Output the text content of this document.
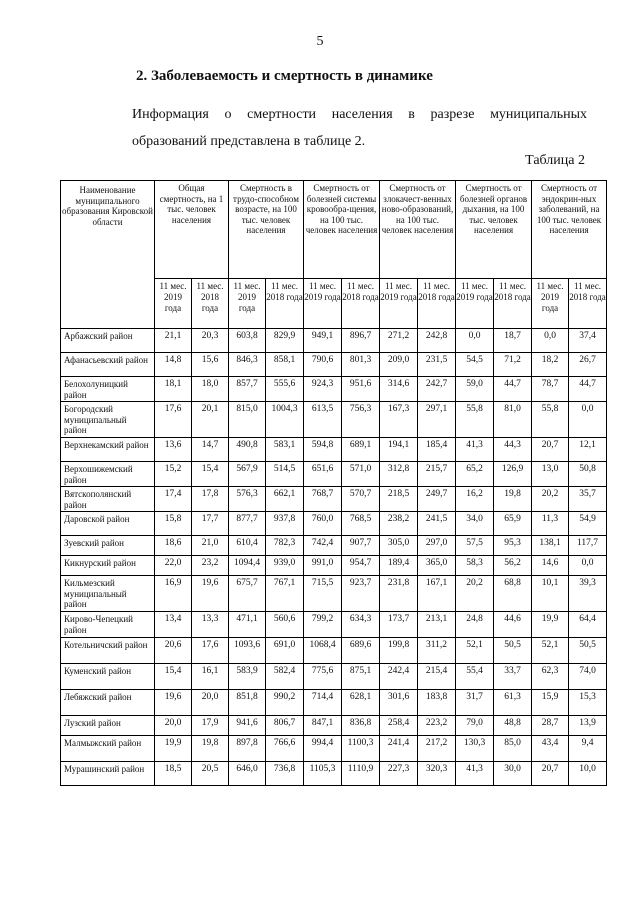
5
2. Заболеваемость и смертность в динамике
Информация о смертности населения в разрезе муниципальных образований представлена в таблице 2.
Таблица 2
Наименование муниципального образования Кировской области	Общая смертность, на 1 тыс. человек населения		Смертность в трудо-способном возрасте, на 100 тыс. человек населения		Смертность от болезней системы кровообра-щения, на 100 тыс. человек населения		Смертность от злокачест-венных ново-образований, на 100 тыс. человек населения		Смертность от болезней органов дыхания, на 100 тыс. человек населения		Смертность от эндокрин-ных заболеваний, на 100 тыс. человек населения	
	11 мес. 2019 года	11 мес. 2018 года	11 мес. 2019 года	11 мес. 2018 года	11 мес. 2019 года	11 мес. 2018 года	11 мес. 2019 года	11 мес. 2018 года	11 мес. 2019 года	11 мес. 2018 года	11 мес. 2019 года	11 мес. 2018 года
Арбажский район	21,1	20,3	603,8	829,9	949,1	896,7	271,2	242,8	0,0	18,7	0,0	37,4
Афанасьевский район	14,8	15,6	846,3	858,1	790,6	801,3	209,0	231,5	54,5	71,2	18,2	26,7
Белохолуницкий район	18,1	18,0	857,7	555,6	924,3	951,6	314,6	242,7	59,0	44,7	78,7	44,7
Богородский муниципальный район	17,6	20,1	815,0	1004,3	613,5	756,3	167,3	297,1	55,8	81,0	55,8	0,0
Верхнекамский район	13,6	14,7	490,8	583,1	594,8	689,1	194,1	185,4	41,3	44,3	20,7	12,1
Верхошижемский район	15,2	15,4	567,9	514,5	651,6	571,0	312,8	215,7	65,2	126,9	13,0	50,8
Вятскополянский район	17,4	17,8	576,3	662,1	768,7	570,7	218,5	249,7	16,2	19,8	20,2	35,7
Даровской район	15,8	17,7	877,7	937,8	760,0	768,5	238,2	241,5	34,0	65,9	11,3	54,9
Зуевский район	18,6	21,0	610,4	782,3	742,4	907,7	305,0	297,0	57,5	95,3	138,1	117,7
Кикнурский район	22,0	23,2	1094,4	939,0	991,0	954,7	189,4	365,0	58,3	56,2	14,6	0,0
Кильмезский муниципальный район	16,9	19,6	675,7	767,1	715,5	923,7	231,8	167,1	20,2	68,8	10,1	39,3
Кирово-Чепецкий район	13,4	13,3	471,1	560,6	799,2	634,3	173,7	213,1	24,8	44,6	19,9	64,4
Котельничский район	20,6	17,6	1093,6	691,0	1068,4	689,6	199,8	311,2	52,1	50,5	52,1	50,5
Куменский район	15,4	16,1	583,9	582,4	775,6	875,1	242,4	215,4	55,4	33,7	62,3	74,0
Лебяжский район	19,6	20,0	851,8	990,2	714,4	628,1	301,6	183,8	31,7	61,3	15,9	15,3
Лузский район	20,0	17,9	941,6	806,7	847,1	836,8	258,4	223,2	79,0	48,8	28,7	13,9
Малмыжский район	19,9	19,8	897,8	766,6	994,4	1100,3	241,4	217,2	130,3	85,0	43,4	9,4
Мурашинский район	18,5	20,5	646,0	736,8	1105,3	1110,9	227,3	320,3	41,3	30,0	20,7	10,0
